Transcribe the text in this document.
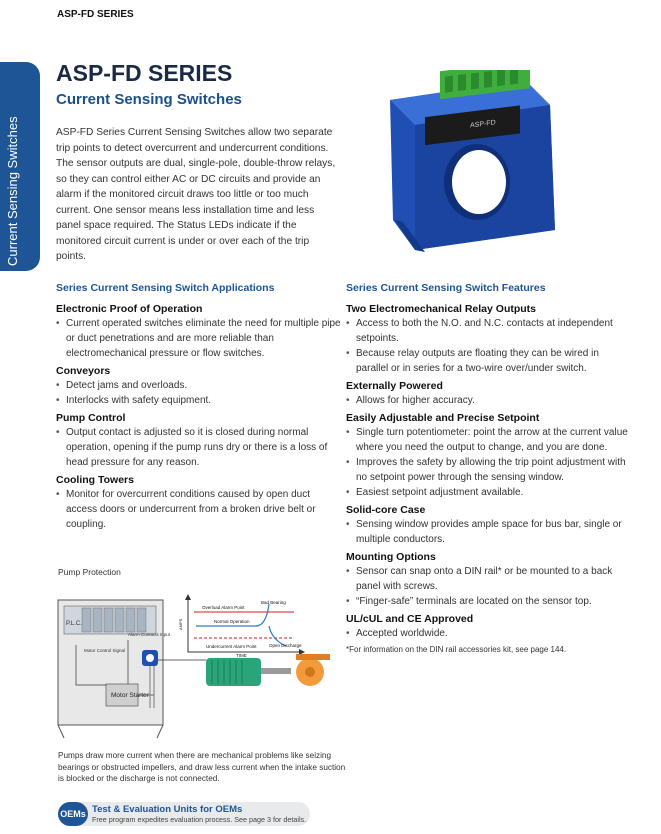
ASP-FD SERIES
Current Sensing Switches
ASP-FD SERIES
Current Sensing Switches
ASP-FD Series Current Sensing Switches allow two separate trip points to detect overcurrent and undercurrent conditions. The sensor outputs are dual, single-pole, double-throw relays, so they can control either AC or DC circuits and provide an alarm if the monitored circuit draws too little or too much current. One sensor means less installation time and less panel space required. The Status LEDs indicate if the monitored circuit current is under or over each of the trip points.
ASP-FD
Series Current Sensing Switch Applications
Electronic Proof of Operation
• Current operated switches eliminate the need for multiple pipe or duct penetrations and are more reliable than electromechanical pressure or flow switches.
Conveyors
• Detect jams and overloads.
• Interlocks with safety equipment.
Pump Control
• Output contact is adjusted so it is closed during normal operation, opening if the pump runs dry or there is a loss of head pressure for any reason.
Cooling Towers
• Monitor for overcurrent conditions caused by open duct access doors or undercurrent from a broken drive belt or coupling.
Series Current Sensing Switch Features
Two Electromechanical Relay Outputs
• Access to both the N.O. and N.C. contacts at independent setpoints.
• Because relay outputs are floating they can be wired in parallel or in series for a two-wire over/under switch.
Externally Powered
• Allows for higher accuracy.
Easily Adjustable and Precise Setpoint
• Single turn potentiometer: point the arrow at the current value where you need the output to change, and you are done.
• Improves the safety by allowing the trip point adjustment with no setpoint power through the sensing window.
• Easiest setpoint adjustment available.
Solid-core Case
• Sensing window provides ample space for bus bar, single or multiple conductors.
Mounting Options
• Sensor can snap onto a DIN rail* or be mounted to a back panel with screws.
• “Finger-safe” terminals are located on the sensor top.
UL/cUL and CE Approved
• Accepted worldwide.
*For information on the DIN rail accessories kit, see page 144.
Pump Protection
P.L.C.
Motor Control Signal
Alarm Contacts Input
Motor Starter
Overload Alarm Point
Normal Operation
Undercurrent Alarm Point
Bad Bearing
Open Discharge
AMPS
TIME
Pumps draw more current when there are mechanical problems like seizing bearings or obstructed impellers, and draw less current when the intake suction is blocked or the discharge is not connected.
OEMs Test & Evaluation Units for OEMs
Free program expedites evaluation process. See page 3 for details.
